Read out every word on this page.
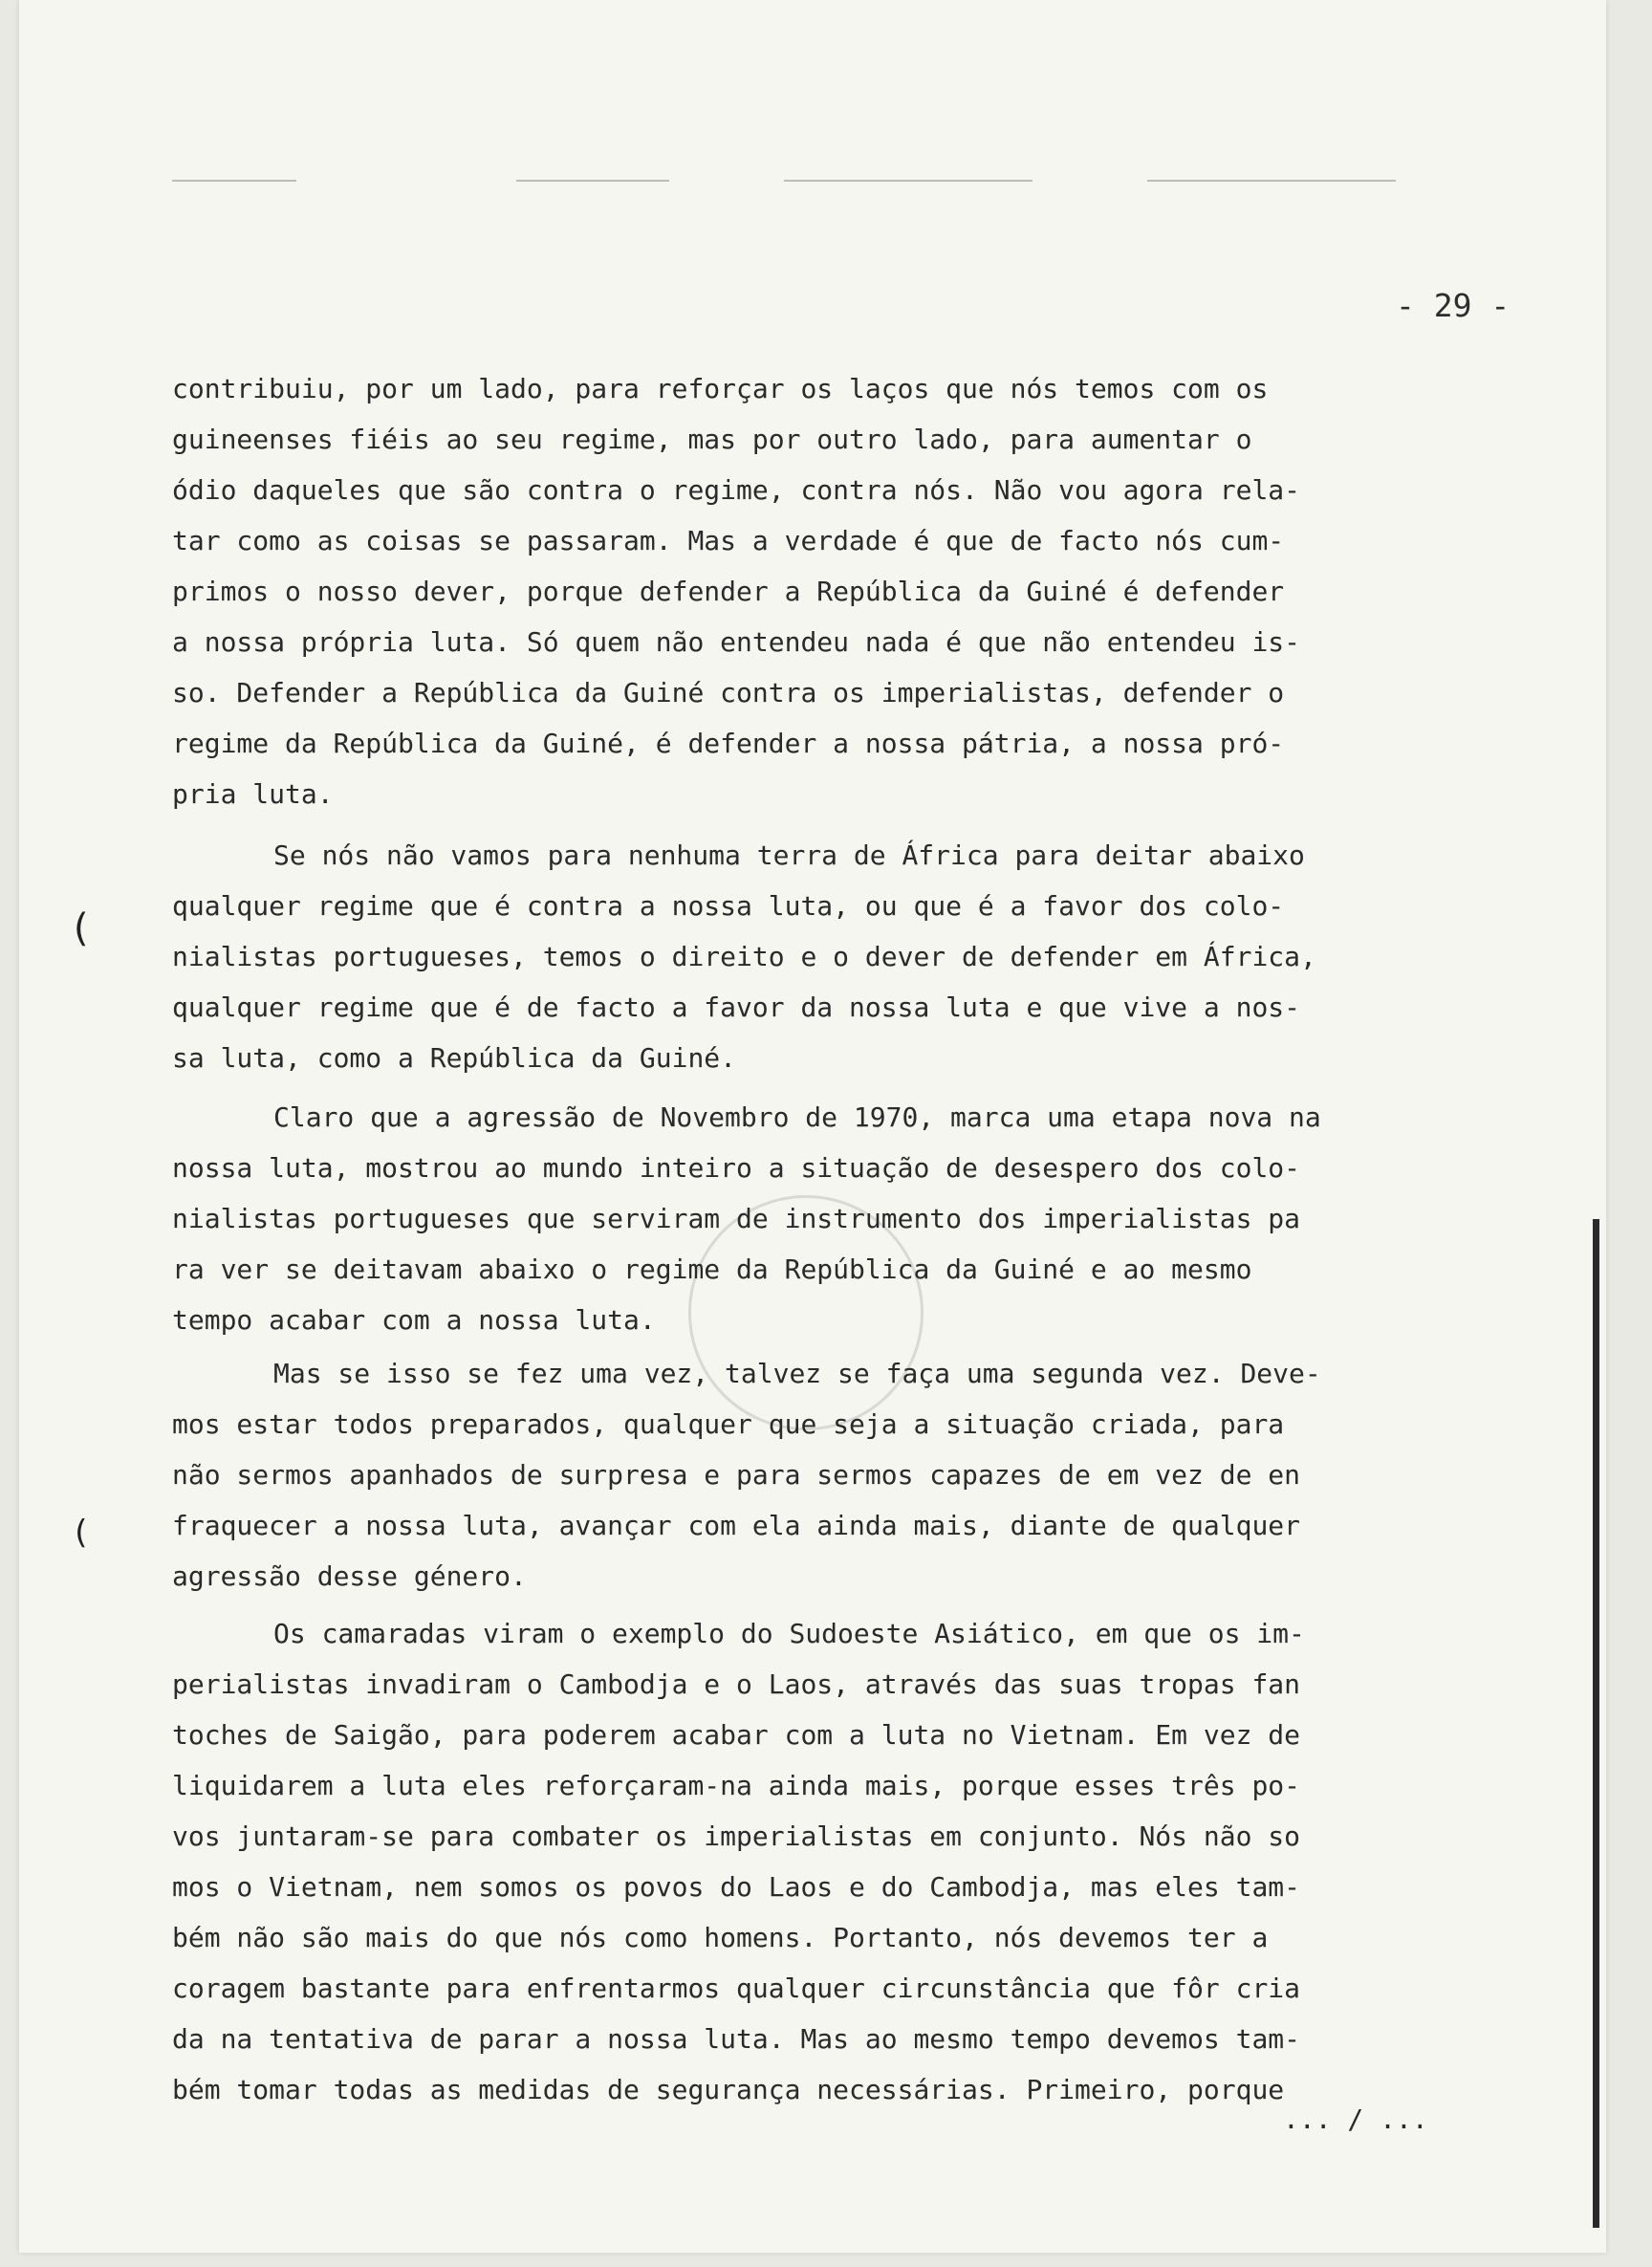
- 29 -

contribuiu, por um lado, para reforçar os laços que nós temos com os

guineenses fiéis ao seu regime, mas por outro lado, para aumentar o

ódio daqueles que são contra o regime, contra nós. Não vou agora rela-

tar como as coisas se passaram. Mas a verdade é que de facto nós cum-

primos o nosso dever, porque defender a República da Guiné é defender

a nossa própria luta. Só quem não entendeu nada é que não entendeu is-

so. Defender a República da Guiné contra os imperialistas, defender o

regime da República da Guiné, é defender a nossa pátria, a nossa pró-

pria luta.

Se nós não vamos para nenhuma terra de África para deitar abaixo

qualquer regime que é contra a nossa luta, ou que é a favor dos colo-

nialistas portugueses, temos o direito e o dever de defender em África,

qualquer regime que é de facto a favor da nossa luta e que vive a nos-

sa luta, como a República da Guiné.

Claro que a agressão de Novembro de 1970, marca uma etapa nova na

nossa luta, mostrou ao mundo inteiro a situação de desespero dos colo-

nialistas portugueses que serviram de instrumento dos imperialistas pa

ra ver se deitavam abaixo o regime da República da Guiné e ao mesmo

tempo acabar com a nossa luta.

Mas se isso se fez uma vez, talvez se faça uma segunda vez. Deve-

mos estar todos preparados, qualquer que seja a situação criada, para

não sermos apanhados de surpresa e para sermos capazes de em vez de en

fraquecer a nossa luta, avançar com ela ainda mais, diante de qualquer

agressão desse género.

Os camaradas viram o exemplo do Sudoeste Asiático, em que os im-

perialistas invadiram o Cambodja e o Laos, através das suas tropas fan

toches de Saigão, para poderem acabar com a luta no Vietnam. Em vez de

liquidarem a luta eles reforçaram-na ainda mais, porque esses três po-

vos juntaram-se para combater os imperialistas em conjunto. Nós não so

mos o Vietnam, nem somos os povos do Laos e do Cambodja, mas eles tam-

bém não são mais do que nós como homens. Portanto, nós devemos ter a

coragem bastante para enfrentarmos qualquer circunstância que fôr cria

da na tentativa de parar a nossa luta. Mas ao mesmo tempo devemos tam-

bém tomar todas as medidas de segurança necessárias. Primeiro, porque

... / ...
(
(
